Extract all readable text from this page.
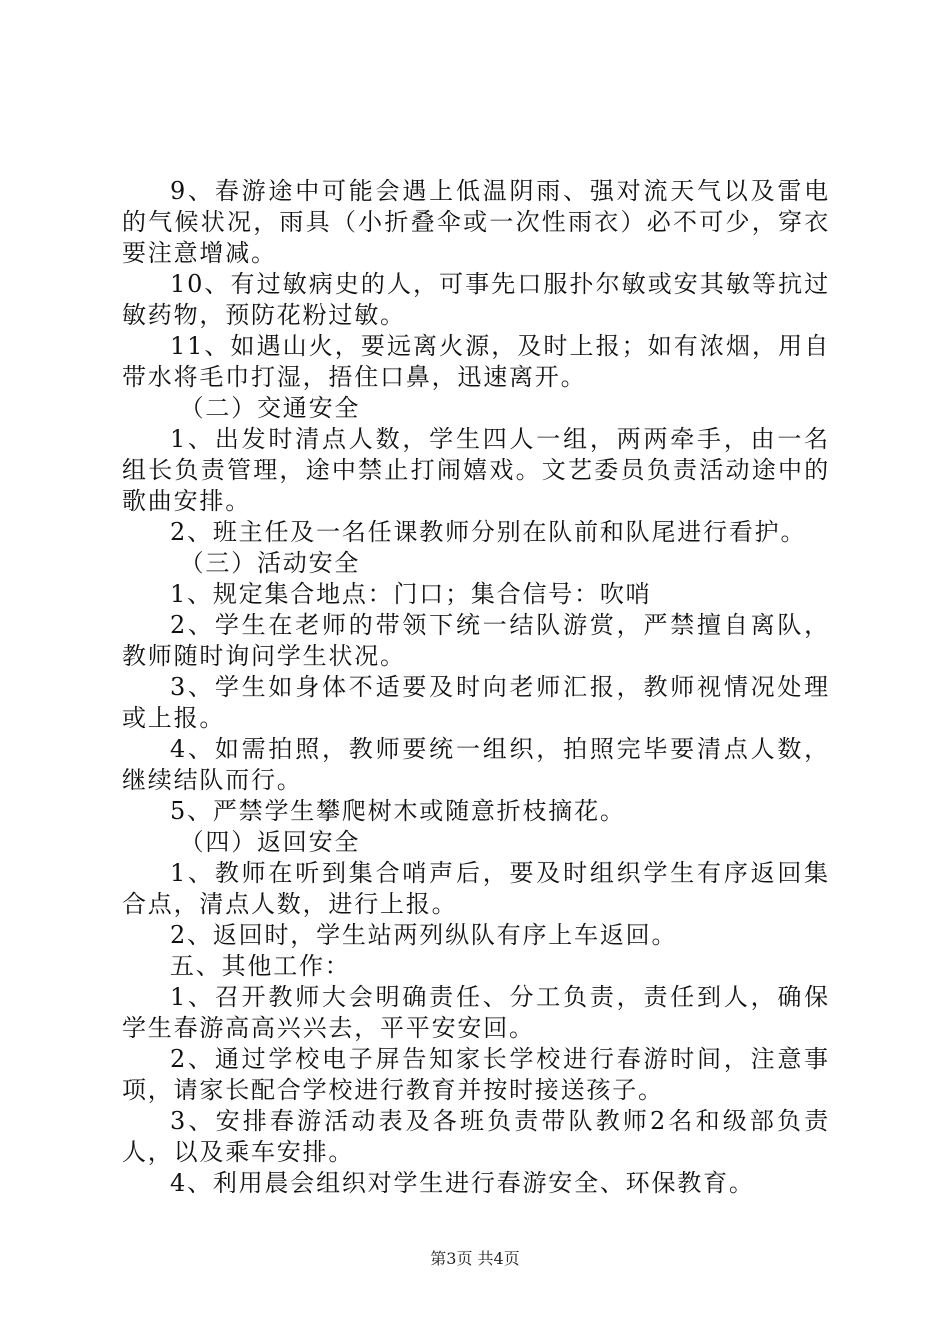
9、春游途中可能会遇上低温阴雨、强对流天气以及雷电的气候状况，雨具（小折叠伞或一次性雨衣）必不可少，穿衣要注意增减。

10、有过敏病史的人，可事先口服扑尔敏或安其敏等抗过敏药物，预防花粉过敏。

11、如遇山火，要远离火源，及时上报；如有浓烟，用自带水将毛巾打湿，捂住口鼻，迅速离开。

（二）交通安全

1、出发时清点人数，学生四人一组，两两牵手，由一名组长负责管理，途中禁止打闹嬉戏。文艺委员负责活动途中的歌曲安排。

2、班主任及一名任课教师分别在队前和队尾进行看护。

（三）活动安全

1、规定集合地点：门口；集合信号：吹哨

2、学生在老师的带领下统一结队游赏，严禁擅自离队，教师随时询问学生状况。

3、学生如身体不适要及时向老师汇报，教师视情况处理或上报。

4、如需拍照，教师要统一组织，拍照完毕要清点人数，继续结队而行。

5、严禁学生攀爬树木或随意折枝摘花。

（四）返回安全

1、教师在听到集合哨声后，要及时组织学生有序返回集合点，清点人数，进行上报。

2、返回时，学生站两列纵队有序上车返回。

五、其他工作：

1、召开教师大会明确责任、分工负责，责任到人，确保学生春游高高兴兴去，平平安安回。

2、通过学校电子屏告知家长学校进行春游时间，注意事项，请家长配合学校进行教育并按时接送孩子。

3、安排春游活动表及各班负责带队教师2名和级部负责人，以及乘车安排。

4、利用晨会组织对学生进行春游安全、环保教育。

第3页 共4页
